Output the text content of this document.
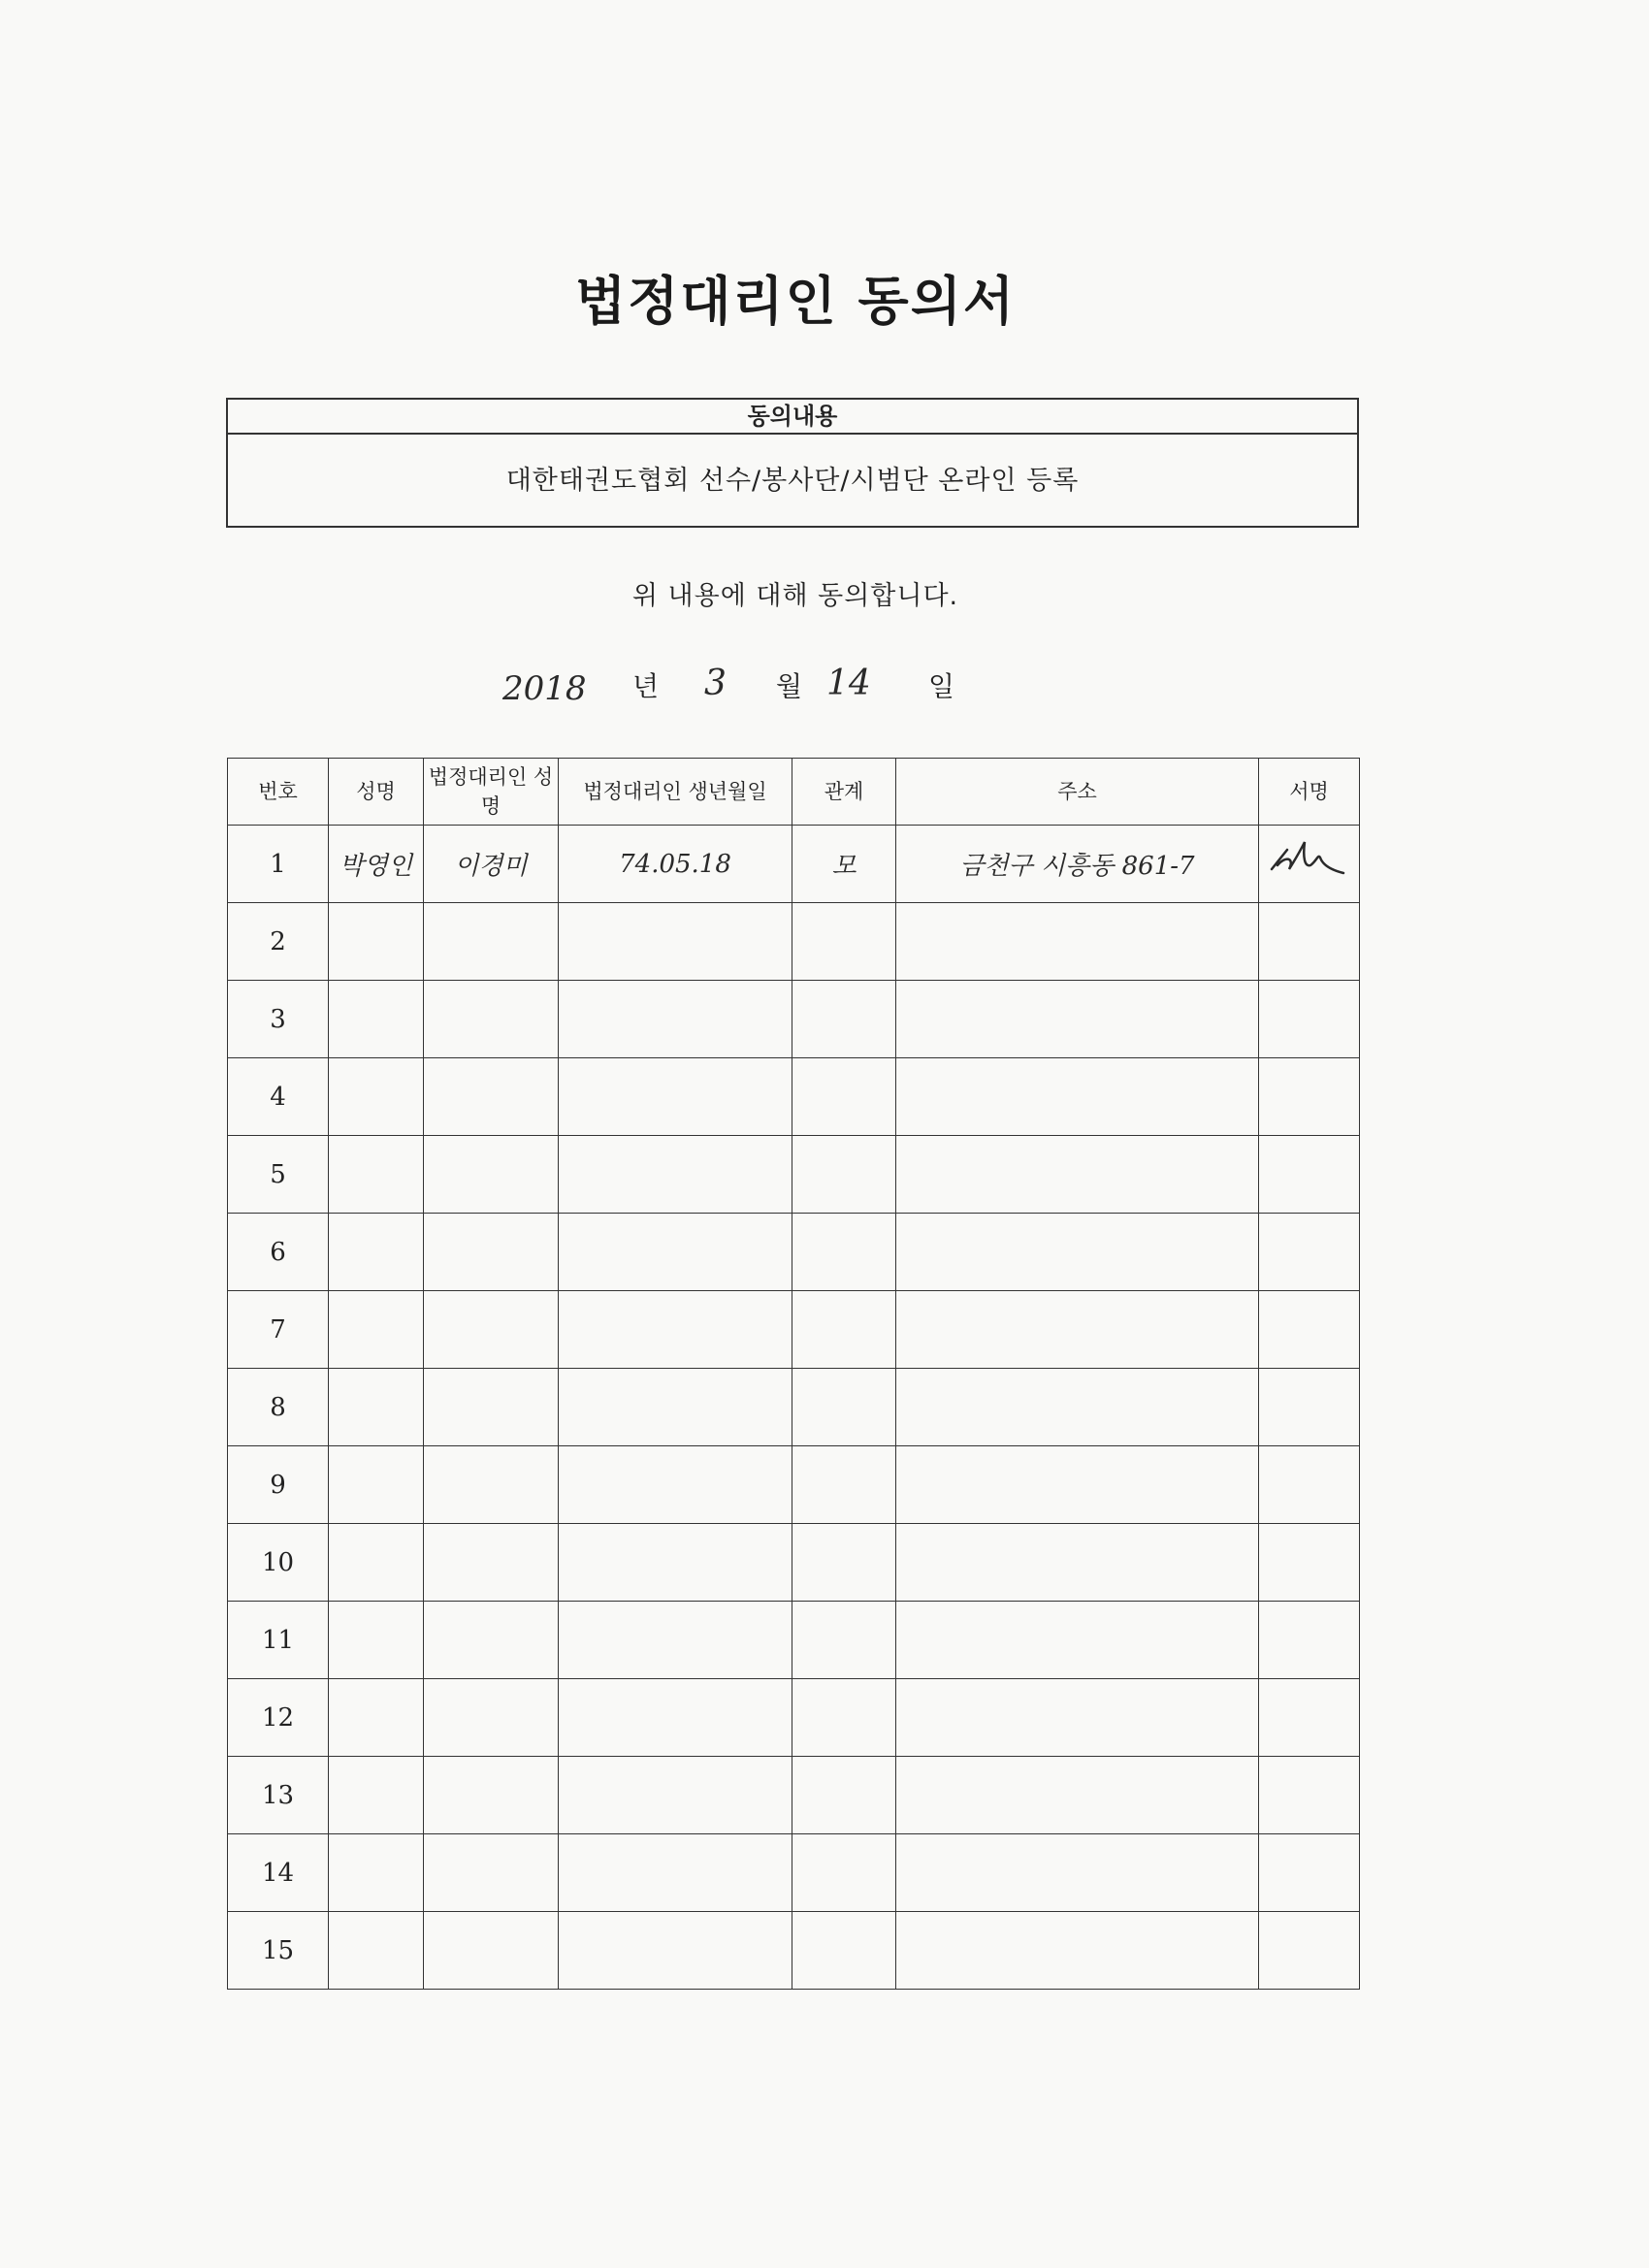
법정대리인 동의서
동의내용
대한태권도협회 선수/봉사단/시범단 온라인 등록
위 내용에 대해 동의합니다.
2018 년 3 월 14 일
번호	성명	법정대리인 성명	법정대리인 생년월일	관계	주소	서명
1	박영인	이경미	74.05.18	모	금천구 시흥동 861-7	
2						
3						
4						
5						
6						
7						
8						
9						
10						
11						
12						
13						
14						
15						
